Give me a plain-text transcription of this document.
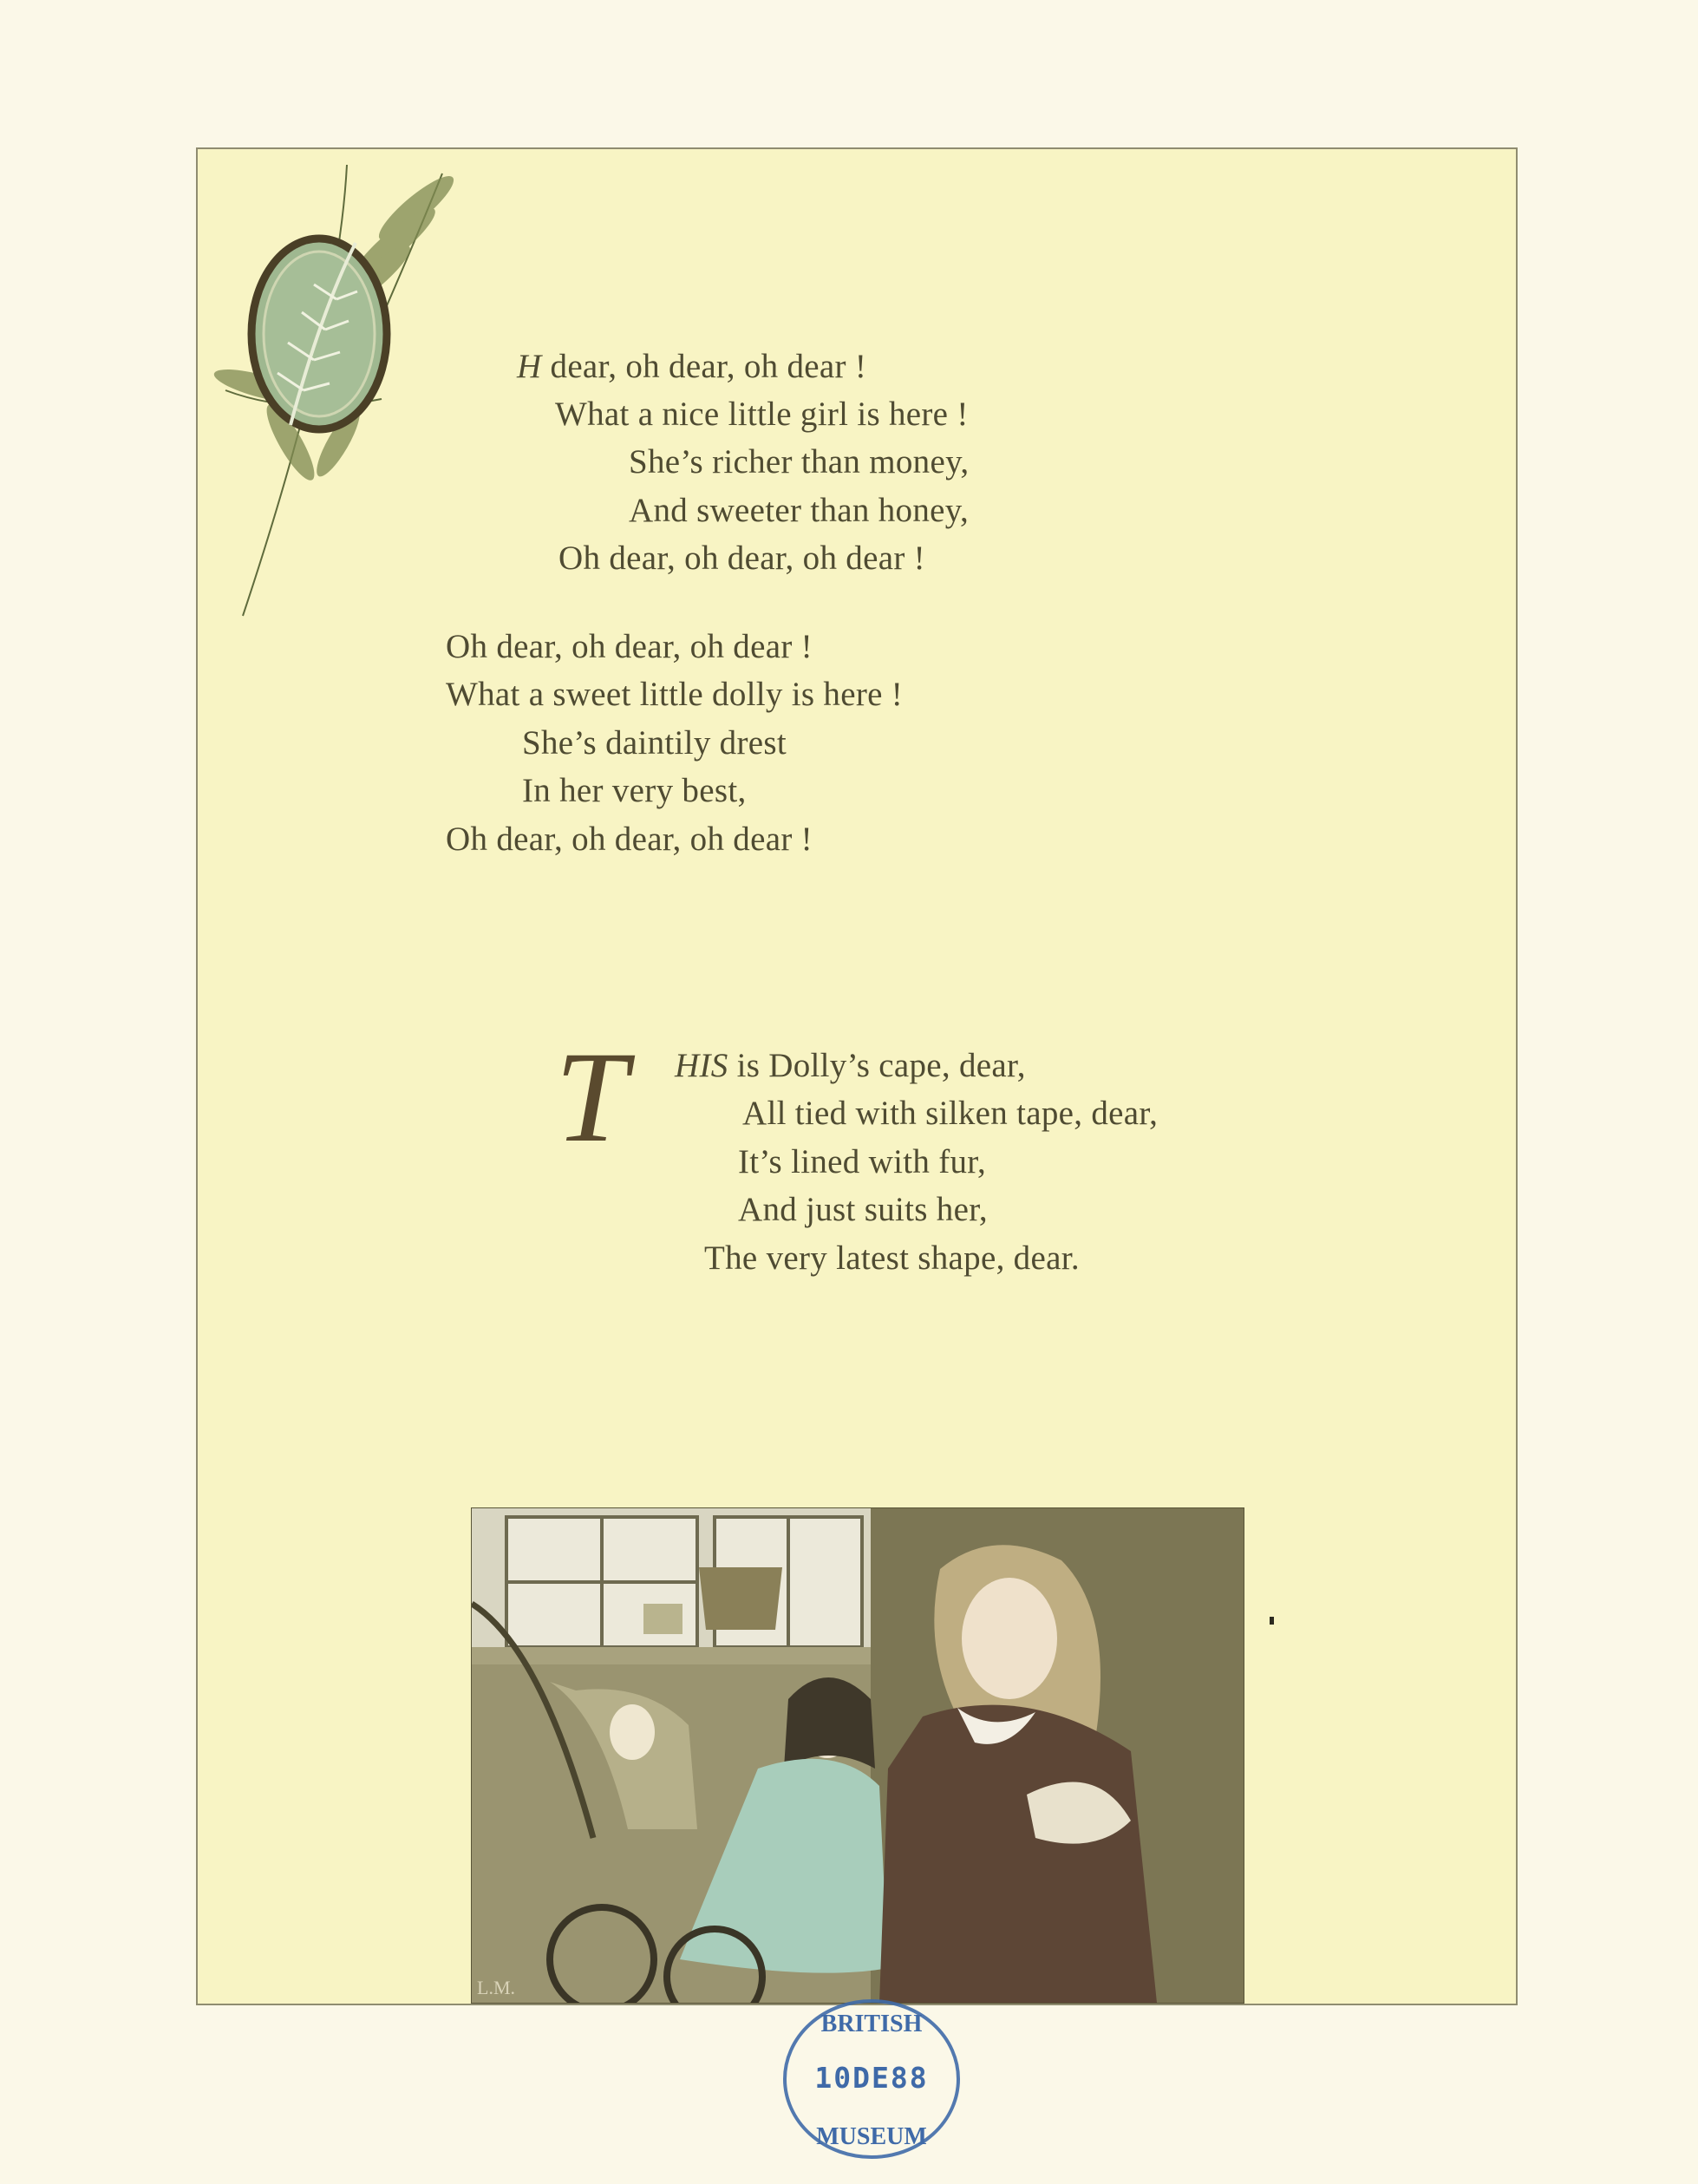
H dear, oh dear, oh dear !
What a nice little girl is here !
She’s richer than money,
And sweeter than honey,
Oh dear, oh dear, oh dear !
Oh dear, oh dear, oh dear !
What a sweet little dolly is here !
She’s daintily drest
In her very best,
Oh dear, oh dear, oh dear !
T HIS is Dolly’s cape, dear,
All tied with silken tape, dear,
It’s lined with fur,
And just suits her,
The very latest shape, dear.
L.M.
BRITISH
MUSEUM
10DE88
